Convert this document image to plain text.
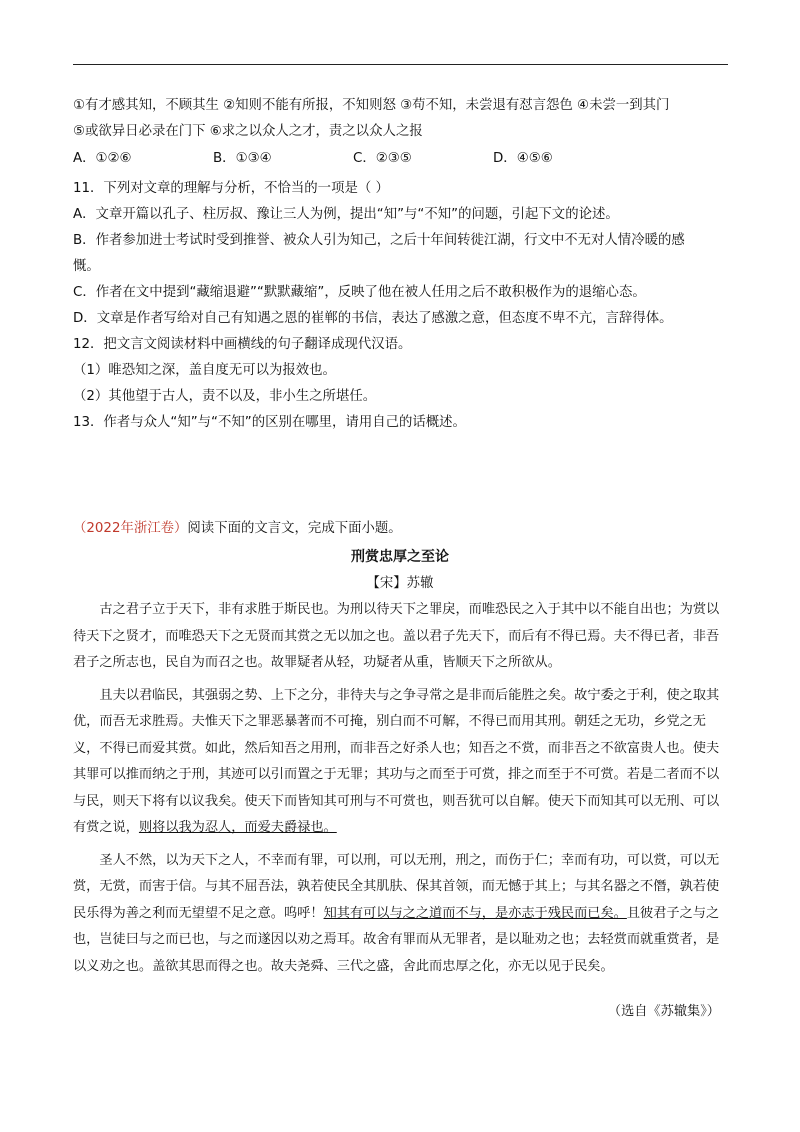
①有才感其知，不顾其生 ②知则不能有所报，不知则怒 ③苟不知，未尝退有怼言怨色 ④未尝一到其门
⑤或欲异日必录在门下 ⑥求之以众人之才，责之以众人之报
A．①②⑥	B．①③④	C．②③⑤	D．④⑤⑥
11．下列对文章的理解与分析，不恰当的一项是（ ）
A．文章开篇以孔子、柱厉叔、豫让三人为例，提出“知”与“不知”的问题，引起下文的论述。
B．作者参加进士考试时受到推誉、被众人引为知己，之后十年间转徙江湖，行文中不无对人情冷暖的感
慨。
C．作者在文中提到“藏缩退避”“默默藏缩”，反映了他在被人任用之后不敢积极作为的退缩心态。
D．文章是作者写给对自己有知遇之恩的崔郸的书信，表达了感激之意，但态度不卑不亢，言辞得体。
12．把文言文阅读材料中画横线的句子翻译成现代汉语。
（1）唯恐知之深，盖自度无可以为报效也。
（2）其他望于古人，责不以及，非小生之所堪任。
13．作者与众人“知”与“不知”的区别在哪里，请用自己的话概述。
（2022年浙江卷）阅读下面的文言文，完成下面小题。
刑赏忠厚之至论
【宋】苏辙

古之君子立于天下，非有求胜于斯民也。为刑以待天下之罪戾，而唯恐民之入于其中以不能自出也；为赏以待天下之贤才，而唯恐天下之无贤而其赏之无以加之也。盖以君子先天下，而后有不得已焉。夫不得已者，非吾君子之所志也，民自为而召之也。故罪疑者从轻，功疑者从重，皆顺天下之所欲从。

且夫以君临民，其强弱之势、上下之分，非待夫与之争寻常之是非而后能胜之矣。故宁委之于利，使之取其优，而吾无求胜焉。夫惟天下之罪恶暴著而不可掩，别白而不可解，不得已而用其刑。朝廷之无功，乡党之无义，不得已而爱其赏。如此，然后知吾之用刑，而非吾之好杀人也；知吾之不赏，而非吾之不欲富贵人也。使夫其罪可以推而纳之于刑，其迹可以引而置之于无罪；其功与之而至于可赏，排之而至于不可赏。若是二者而不以与民，则天下将有以议我矣。使天下而皆知其可刑与不可赏也，则吾犹可以自解。使天下而知其可以无刑、可以有赏之说，则将以我为忍人，而爱夫爵禄也。

圣人不然，以为天下之人，不幸而有罪，可以刑，可以无刑，刑之，而伤于仁；幸而有功，可以赏，可以无赏，无赏，而害于信。与其不屈吾法，孰若使民全其肌肤、保其首领，而无憾于其上；与其名器之不僭，孰若使民乐得为善之利而无望望不足之意。呜呼！知其有可以与之之道而不与，是亦志于残民而已矣。且彼君子之与之也，岂徒曰与之而已也，与之而遂因以劝之焉耳。故舍有罪而从无罪者，是以耻劝之也；去轻赏而就重赏者，是以义劝之也。盖欲其思而得之也。故夫尧舜、三代之盛，舍此而忠厚之化，亦无以见于民矣。

（选自《苏辙集》）
